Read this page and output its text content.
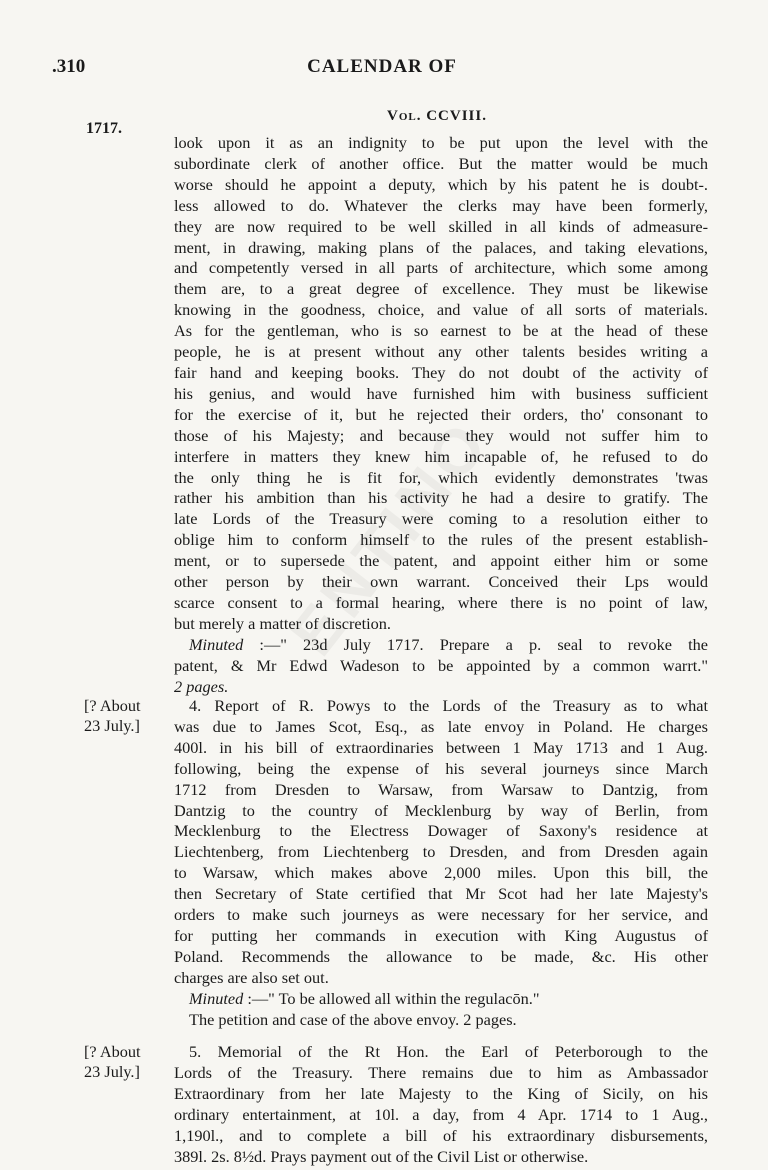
.310	CALENDAR OF
Vol. CCVIII.
1717.
look upon it as an indignity to be put upon the level with the
subordinate clerk of another office. But the matter would be much
worse should he appoint a deputy, which by his patent he is doubt-.
less allowed to do. Whatever the clerks may have been formerly,
they are now required to be well skilled in all kinds of admeasure-
ment, in drawing, making plans of the palaces, and taking elevations,
and competently versed in all parts of architecture, which some among
them are, to a great degree of excellence. They must be likewise
knowing in the goodness, choice, and value of all sorts of materials.
As for the gentleman, who is so earnest to be at the head of these
people, he is at present without any other talents besides writing a
fair hand and keeping books. They do not doubt of the activity of
his genius, and would have furnished him with business sufficient
for the exercise of it, but he rejected their orders, tho' consonant to
those of his Majesty; and because they would not suffer him to
interfere in matters they knew him incapable of, he refused to do
the only thing he is fit for, which evidently demonstrates 'twas
rather his ambition than his activity he had a desire to gratify. The
late Lords of the Treasury were coming to a resolution either to
oblige him to conform himself to the rules of the present establish-
ment, or to supersede the patent, and appoint either him or some
other person by their own warrant. Conceived their Lps would
scarce consent to a formal hearing, where there is no point of law,
but merely a matter of discretion.
Minuted :—" 23d July 1717. Prepare a p. seal to revoke the
patent, & Mr Edwd Wadeson to be appointed by a common warrt."
2 pages.
[? About
23 July.]
4. Report of R. Powys to the Lords of the Treasury as to what
was due to James Scot, Esq., as late envoy in Poland. He charges
400l. in his bill of extraordinaries between 1 May 1713 and 1 Aug.
following, being the expense of his several journeys since March
1712 from Dresden to Warsaw, from Warsaw to Dantzig, from
Dantzig to the country of Mecklenburg by way of Berlin, from
Mecklenburg to the Electress Dowager of Saxony's residence at
Liechtenberg, from Liechtenberg to Dresden, and from Dresden again
to Warsaw, which makes above 2,000 miles. Upon this bill, the
then Secretary of State certified that Mr Scot had her late Majesty's
orders to make such journeys as were necessary for her service, and
for putting her commands in execution with King Augustus of
Poland. Recommends the allowance to be made, &c. His other
charges are also set out.
Minuted :—" To be allowed all within the regulacōn."
The petition and case of the above envoy. 2 pages.
[? About
23 July.]
5. Memorial of the Rt Hon. the Earl of Peterborough to the
Lords of the Treasury. There remains due to him as Ambassador
Extraordinary from her late Majesty to the King of Sicily, on his
ordinary entertainment, at 10l. a day, from 4 Apr. 1714 to 1 Aug.,
1,190l., and to complete a bill of his extraordinary disbursements,
389l. 2s. 8½d. Prays payment out of the Civil List or otherwise.
